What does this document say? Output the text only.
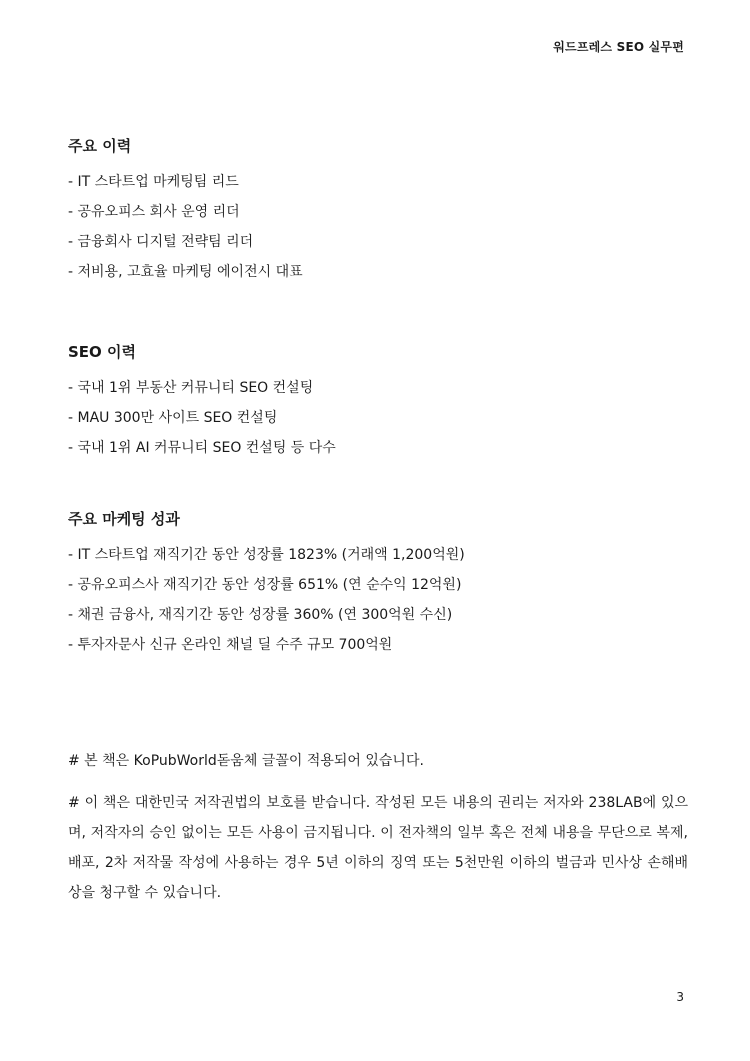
워드프레스 SEO 실무편
주요 이력
- IT 스타트업 마케팅팀 리드
- 공유오피스 회사 운영 리더
- 금융회사 디지털 전략팀 리더
- 저비용, 고효율 마케팅 에이전시 대표
SEO 이력
- 국내 1위 부동산 커뮤니티 SEO 컨설팅
- MAU 300만 사이트 SEO 컨설팅
- 국내 1위 AI 커뮤니티 SEO 컨설팅 등 다수
주요 마케팅 성과
- IT 스타트업 재직기간 동안 성장률 1823% (거래액 1,200억원)
- 공유오피스사 재직기간 동안 성장률 651% (연 순수익 12억원)
- 채권 금융사, 재직기간 동안 성장률 360% (연 300억원 수신)
- 투자자문사 신규 온라인 채널 딜 수주 규모 700억원

# 본 책은 KoPubWorld돋움체 글꼴이 적용되어 있습니다.

# 이 책은 대한민국 저작권법의 보호를 받습니다. 작성된 모든 내용의 권리는 저자와 238LAB에 있으며, 저작자의 승인 없이는 모든 사용이 금지됩니다. 이 전자책의 일부 혹은 전체 내용을 무단으로 복제, 배포, 2차 저작물 작성에 사용하는 경우 5년 이하의 징역 또는 5천만원 이하의 벌금과 민사상 손해배상을 청구할 수 있습니다.

3
